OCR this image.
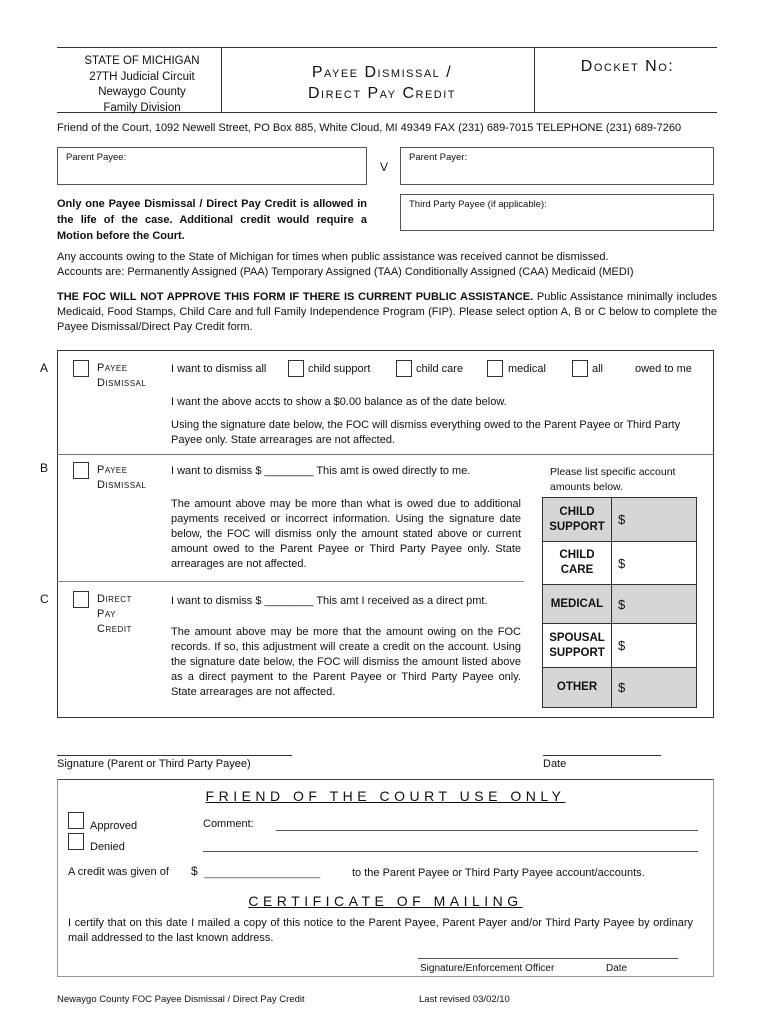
STATE OF MICHIGAN
27TH Judicial Circuit
Newaygo County
Family Division
Payee Dismissal /
Direct Pay Credit
Docket No:
Friend of the Court, 1092 Newell Street, PO Box 885, White Cloud, MI 49349 FAX (231) 689-7015 TELEPHONE (231) 689-7260
Parent Payee:
V
Parent Payer:
Third Party Payee (if applicable):
Only one Payee Dismissal / Direct Pay Credit is allowed in the life of the case. Additional credit would require a Motion before the Court.
Any accounts owing to the State of Michigan for times when public assistance was received cannot be dismissed.
Accounts are: Permanently Assigned (PAA) Temporary Assigned (TAA) Conditionally Assigned (CAA) Medicaid (MEDI)
THE FOC WILL NOT APPROVE THIS FORM IF THERE IS CURRENT PUBLIC ASSISTANCE. Public Assistance minimally includes Medicaid, Food Stamps, Child Care and full Family Independence Program (FIP). Please select option A, B or C below to complete the Payee Dismissal/Direct Pay Credit form.
A	Payee
Dismissal
I want to dismiss all	child support	child care	medical	all	owed to me
I want the above accts to show a $0.00 balance as of the date below.
Using the signature date below, the FOC will dismiss everything owed to the Parent Payee or Third Party Payee only. State arrearages are not affected.
B	Payee
Dismissal
I want to dismiss $ ________ This amt is owed directly to me.
The amount above may be more than what is owed due to additional payments received or incorrect information. Using the signature date below, the FOC will dismiss only the amount stated above or current amount owed to the Parent Payee or Third Party Payee only. State arrearages are not affected.
Please list specific account amounts below.
C	Direct
Pay
Credit
I want to dismiss $ ________ This amt I received as a direct pmt.
The amount above may be more that the amount owing on the FOC records. If so, this adjustment will create a credit on the account. Using the signature date below, the FOC will dismiss the amount listed above as a direct payment to the Parent Payee or Third Party Payee only. State arrearages are not affected.
CHILD
SUPPORT	$
CHILD
CARE	$
MEDICAL	$
SPOUSAL
SUPPORT	$
OTHER	$
Signature (Parent or Third Party Payee)	Date
FRIEND OF THE COURT USE ONLY
Approved
Denied
Comment:
A credit was given of $ ___________________	to the Parent Payee or Third Party Payee account/accounts.
CERTIFICATE OF MAILING
I certify that on this date I mailed a copy of this notice to the Parent Payee, Parent Payer and/or Third Party Payee by ordinary mail addressed to the last known address.
Signature/Enforcement Officer	Date
Newaygo County FOC Payee Dismissal / Direct Pay Credit	Last revised 03/02/10
